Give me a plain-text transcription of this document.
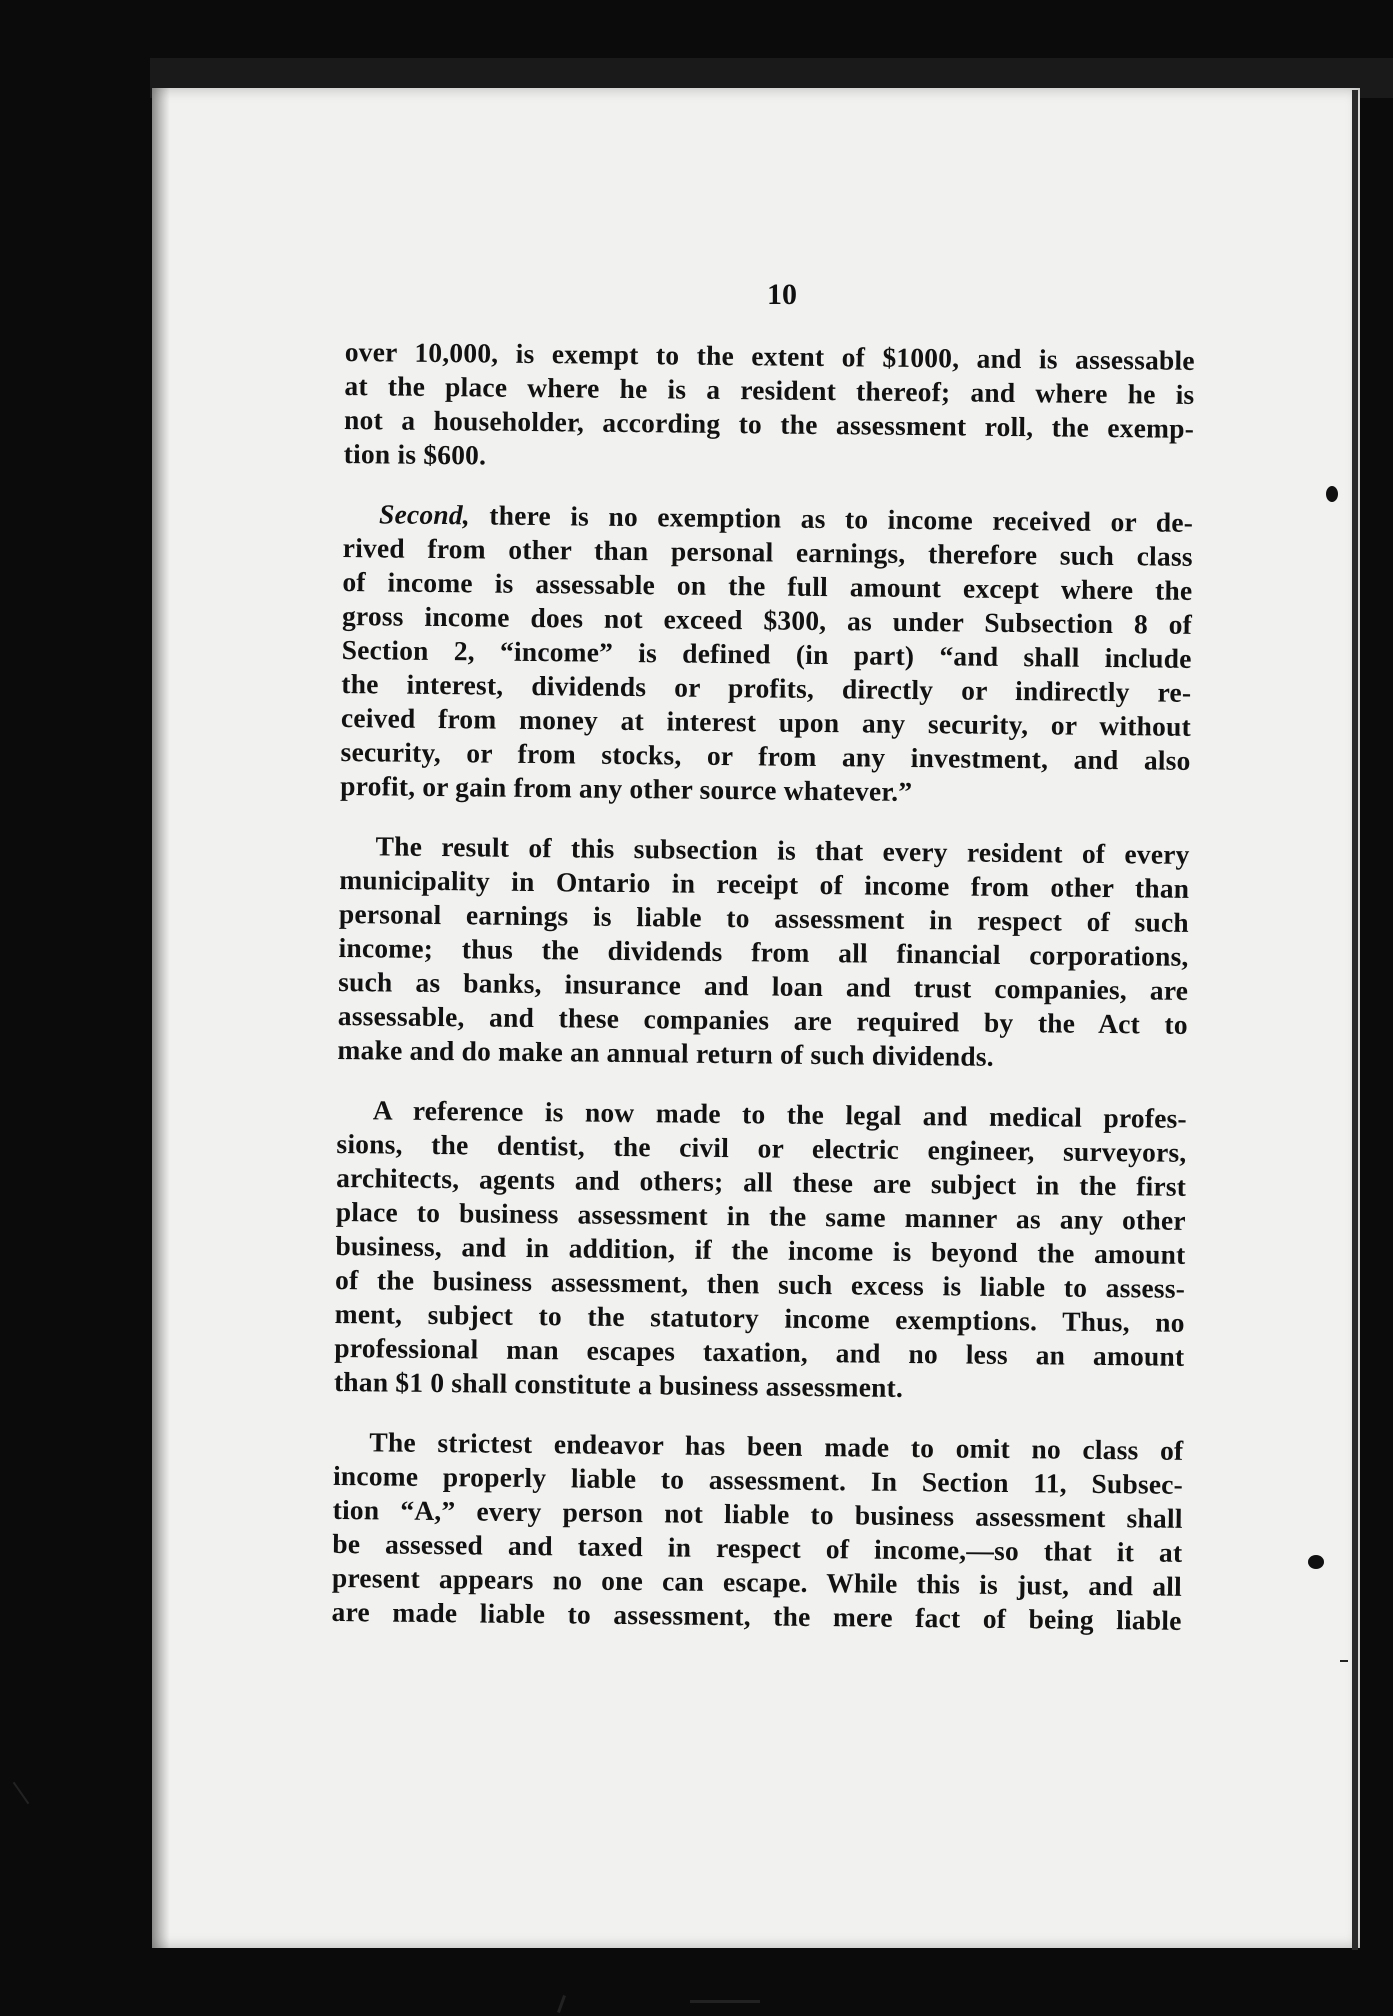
10
over 10,000, is exempt to the extent of $1000, and is assessable
at the place where he is a resident thereof; and where he is
not a householder, according to the assessment roll, the exemp-
tion is $600.
Second, there is no exemption as to income received or de-
rived from other than personal earnings, therefore such class
of income is assessable on the full amount except where the
gross income does not exceed $300, as under Subsection 8 of
Section 2, “income” is defined (in part) “and shall include
the interest, dividends or profits, directly or indirectly re-
ceived from money at interest upon any security, or without
security, or from stocks, or from any investment, and also
profit, or gain from any other source whatever.”
The result of this subsection is that every resident of every
municipality in Ontario in receipt of income from other than
personal earnings is liable to assessment in respect of such
income; thus the dividends from all financial corporations,
such as banks, insurance and loan and trust companies, are
assessable, and these companies are required by the Act to
make and do make an annual return of such dividends.
A reference is now made to the legal and medical profes-
sions, the dentist, the civil or electric engineer, surveyors,
architects, agents and others; all these are subject in the first
place to business assessment in the same manner as any other
business, and in addition, if the income is beyond the amount
of the business assessment, then such excess is liable to assess-
ment, subject to the statutory income exemptions. Thus, no
professional man escapes taxation, and no less an amount
than $1 0 shall constitute a business assessment.
The strictest endeavor has been made to omit no class of
income properly liable to assessment. In Section 11, Subsec-
tion “A,” every person not liable to business assessment shall
be assessed and taxed in respect of income,—so that it at
present appears no one can escape. While this is just, and all
are made liable to assessment, the mere fact of being liable
